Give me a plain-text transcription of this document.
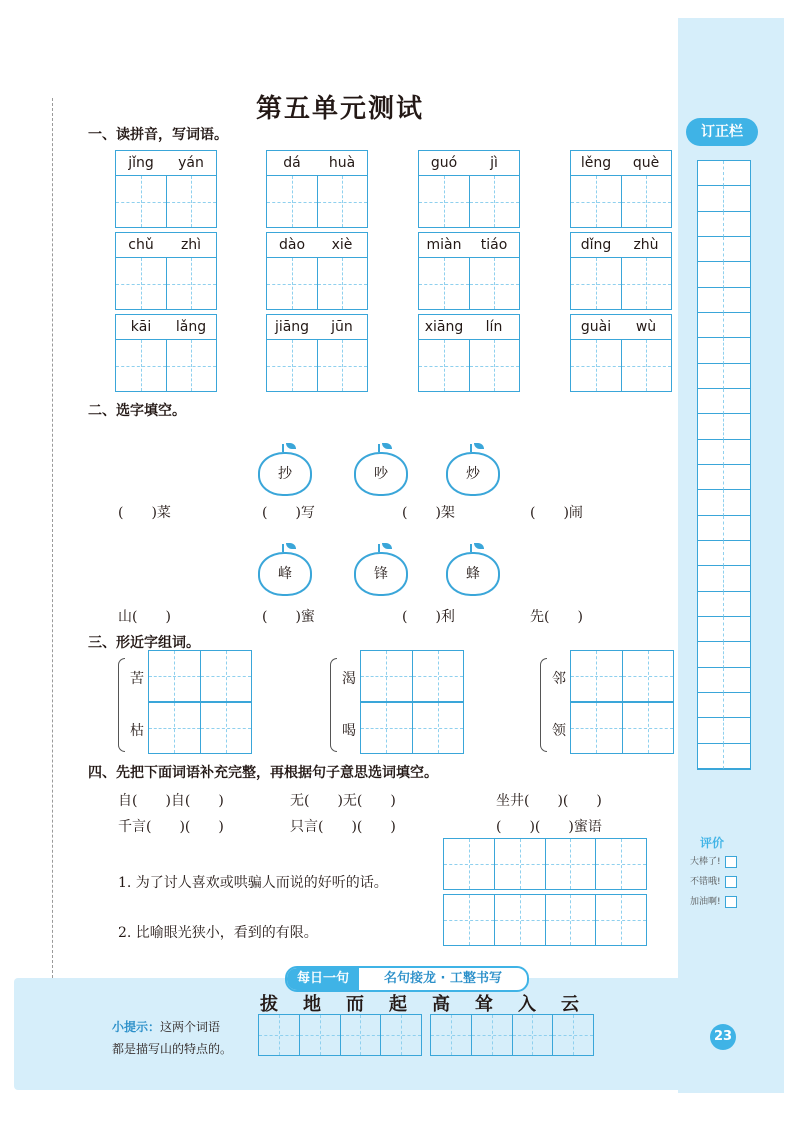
第五单元测试
一、读拼音，写词语。
jǐng	yán	dá	huà	guó	jì	lěng	què
chǔ	zhì	dào	xiè	miàn	tiáo	dǐng	zhù
kāi	lǎng	jiāng	jūn	xiāng	lín	guài	wù
二、选字填空。
抄	吵	炒
峰	锋	蜂
(　　)菜	(　　)写	(　　)架	(　　)闹
山(　　)	(　　)蜜	(　　)利	先(　　)
三、形近字组词。
苦
枯
渴
喝
邻
领
四、先把下面词语补充完整，再根据句子意思选词填空。
自(　　)自(　　)	无(　　)无(　　)	坐井(　　)(　　)
千言(　　)(　　)	只言(　　)(　　)	(　　)(　　)蜜语
1. 为了讨人喜欢或哄骗人而说的好听的话。
2. 比喻眼光狭小，看到的有限。
订正栏
评价
大棒了!
不错哦!
加油啊!
每日一句	名句接龙 · 工整书写
拔 地 而 起 高 耸 入 云
小提示：这两个词语
都是描写山的特点的。
23
